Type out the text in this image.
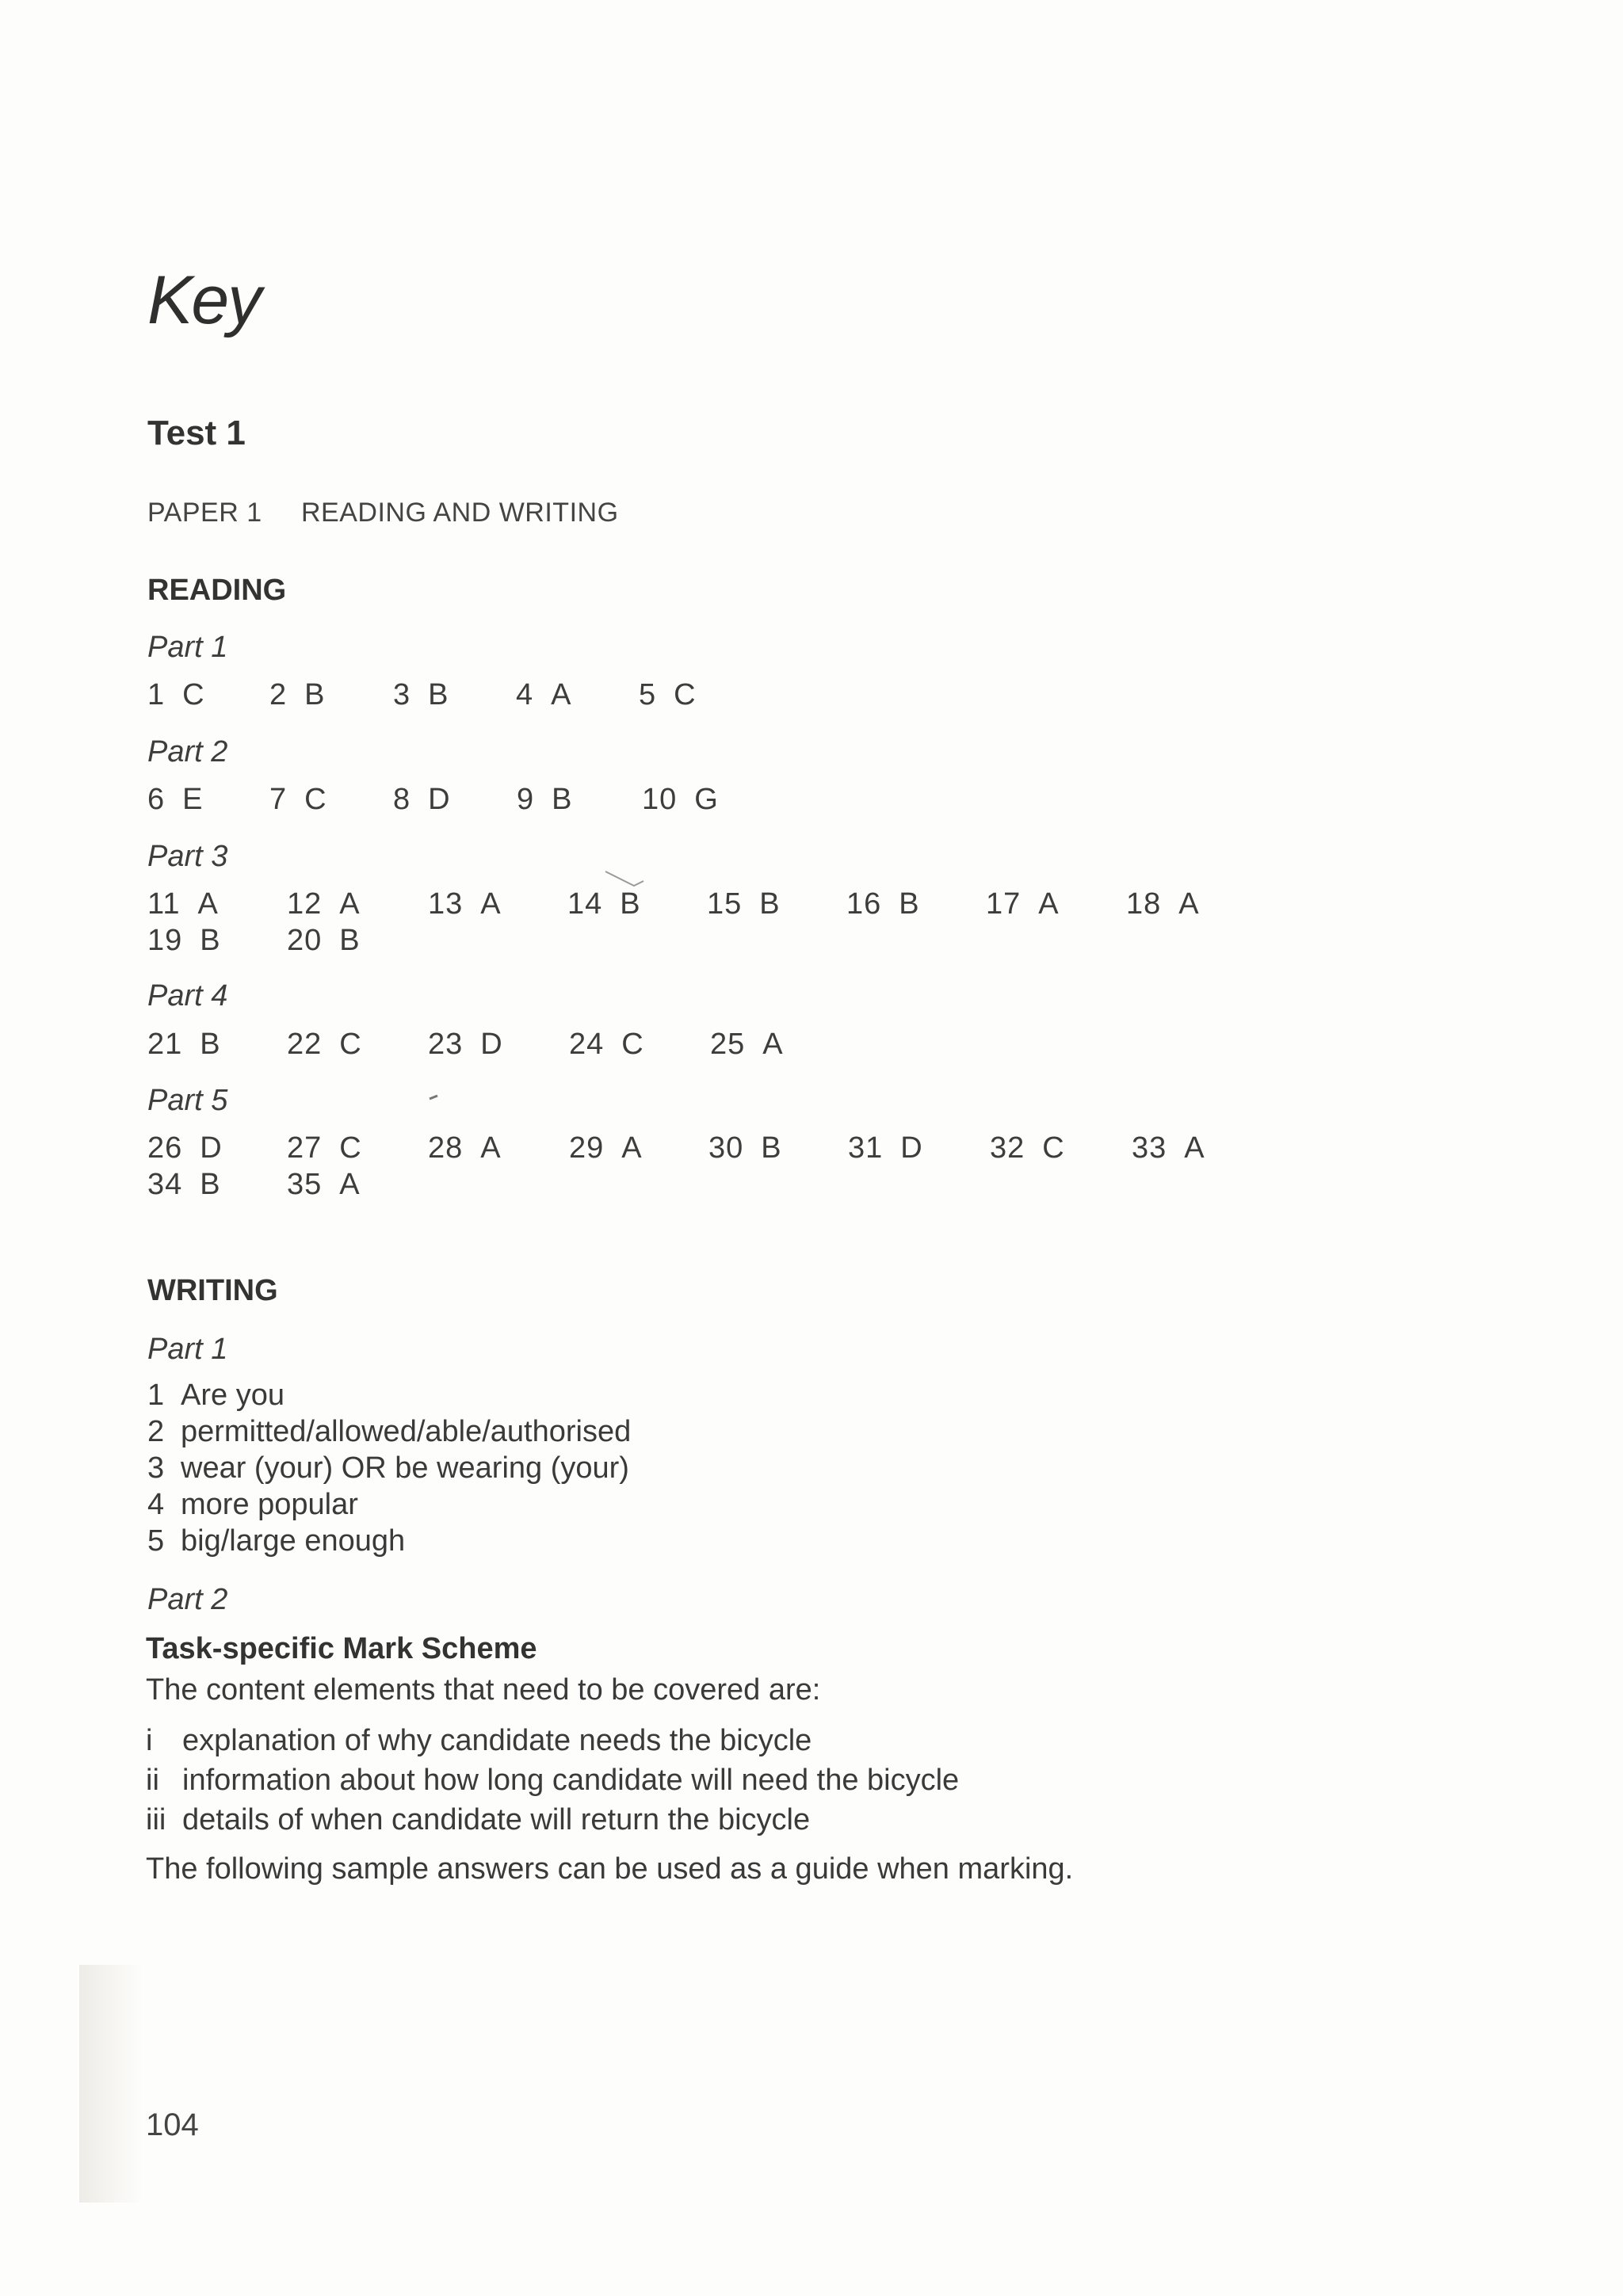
Key
Test 1
PAPER 1 READING AND WRITING
READING
Part 1
1 C 2 B 3 B 4 A 5 C
Part 2
6 E 7 C 8 D 9 B 10 G
Part 3
11 A 12 A 13 A 14 B 15 B 16 B 17 A 18 A
19 B 20 B
Part 4
21 B 22 C 23 D 24 C 25 A
Part 5
26 D 27 C 28 A 29 A 30 B 31 D 32 C 33 A
34 B 35 A
WRITING
Part 1
1 Are you
2 permitted/allowed/able/authorised
3 wear (your) OR be wearing (your)
4 more popular
5 big/large enough
Part 2
Task-specific Mark Scheme
The content elements that need to be covered are:
i explanation of why candidate needs the bicycle
ii information about how long candidate will need the bicycle
iii details of when candidate will return the bicycle
The following sample answers can be used as a guide when marking.
104
